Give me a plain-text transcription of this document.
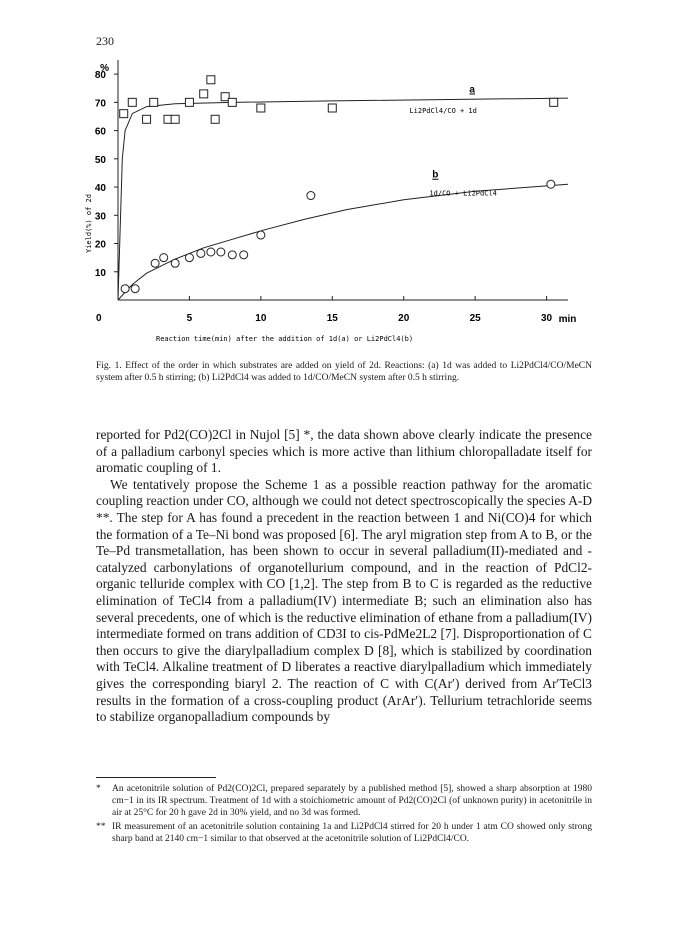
230
0	5	10	15	20	25	30 min
10
20
30
40
50
60
70
80
%
Yield(%) of 2d
Reaction time(min) after the addition of 1d(a) or Li2PdCl4(b)
a
Li2PdCl4/CO + 1d
b
1d/CO + Li2PdCl4
Fig. 1. Effect of the order in which substrates are added on yield of 2d. Reactions: (a) 1d was added to Li2PdCl4/CO/MeCN system after 0.5 h stirring; (b) Li2PdCl4 was added to 1d/CO/MeCN system after 0.5 h stirring.

reported for Pd2(CO)2Cl in Nujol [5] *, the data shown above clearly indicate the presence of a palladium carbonyl species which is more active than lithium chloropalladate itself for aromatic coupling of 1.

We tentatively propose the Scheme 1 as a possible reaction pathway for the aromatic coupling reaction under CO, although we could not detect spectroscopically the species A-D **. The step for A has found a precedent in the reaction between 1 and Ni(CO)4 for which the formation of a Te–Ni bond was proposed [6]. The aryl migration step from A to B, or the Te–Pd transmetallation, has been shown to occur in several palladium(II)-mediated and -catalyzed carbonylations of organotellurium compound, and in the reaction of PdCl2-organic telluride complex with CO [1,2]. The step from B to C is regarded as the reductive elimination of TeCl4 from a palladium(IV) intermediate B; such an elimination also has several precedents, one of which is the reductive elimination of ethane from a palladium(IV) intermediate formed on trans addition of CD3I to cis-PdMe2L2 [7]. Disproportionation of C then occurs to give the diarylpalladium complex D [8], which is stabilized by coordination with TeCl4. Alkaline treatment of D liberates a reactive diarylpalladium which immediately gives the corresponding biaryl 2. The reaction of C with C(Ar′) derived from Ar′TeCl3 results in the formation of a cross-coupling product (ArAr′). Tellurium tetrachloride seems to stabilize organopalladium compounds by

*	An acetonitrile solution of Pd2(CO)2Cl, prepared separately by a published method [5], showed a sharp absorption at 1980 cm−1 in its IR spectrum. Treatment of 1d with a stoichiometric amount of Pd2(CO)2Cl (of unknown purity) in acetonitrile in air at 25°C for 20 h gave 2d in 30% yield, and no 3d was formed.
** IR measurement of an acetonitrile solution containing 1a and Li2PdCl4 stirred for 20 h under 1 atm CO showed only strong sharp band at 2140 cm−1 similar to that observed at the acetonitrile solution of Li2PdCl4/CO.
